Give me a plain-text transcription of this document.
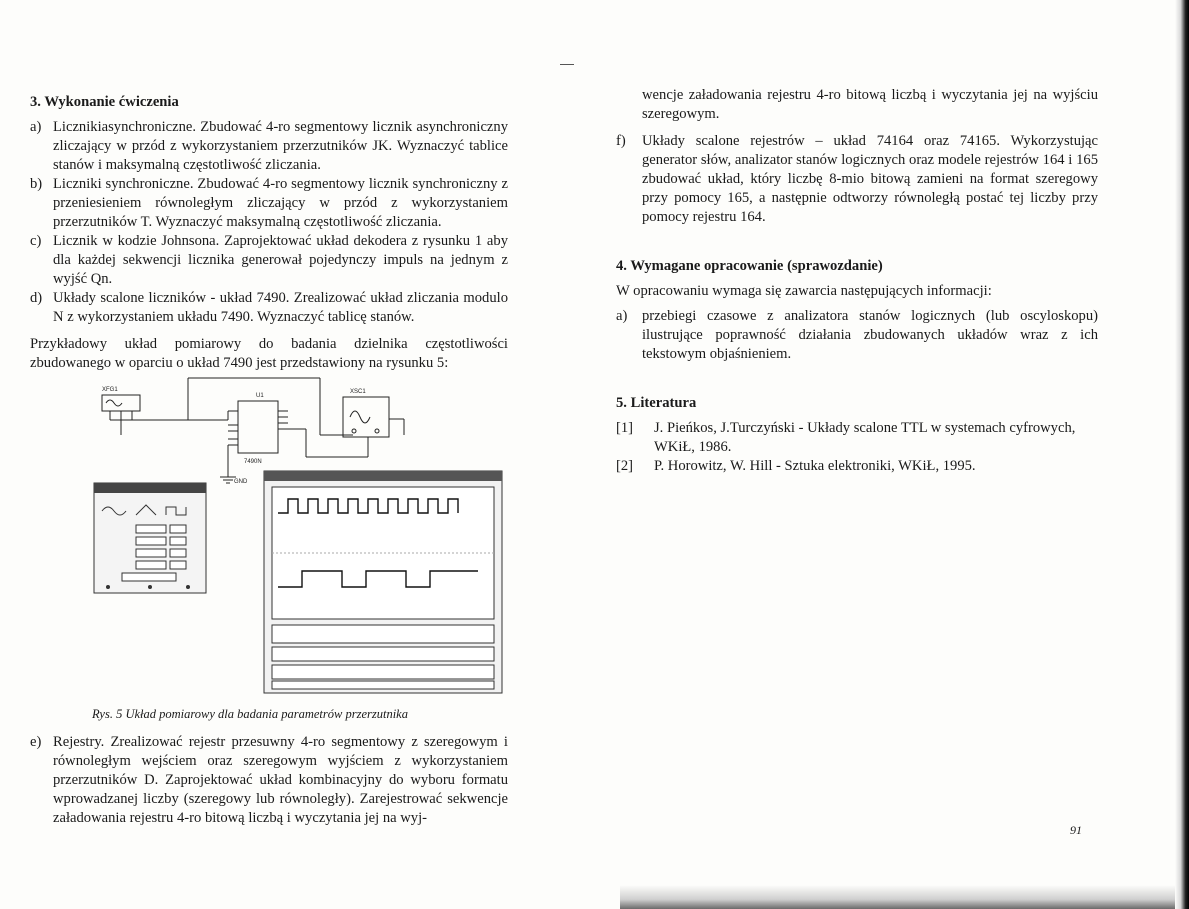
3. Wykonanie ćwiczenia
a) Licznikiasynchroniczne. Zbudować 4-ro segmentowy licznik asynchroniczny zliczający w przód z wykorzystaniem przerzutników JK. Wyznaczyć tablice stanów i maksymalną częstotliwość zliczania.
b) Liczniki synchroniczne. Zbudować 4-ro segmentowy licznik synchroniczny z przeniesieniem równoległym zliczający w przód z wykorzystaniem przerzutników T. Wyznaczyć maksymalną częstotliwość zliczania.
c) Licznik w kodzie Johnsona. Zaprojektować układ dekodera z rysunku 1 aby dla każdej sekwencji licznika generował pojedynczy impuls na jednym z wyjść Qn.
d) Układy scalone liczników - układ 7490. Zrealizować układ zliczania modulo N z wykorzystaniem układu 7490. Wyznaczyć tablicę stanów.

Przykładowy układ pomiarowy do badania dzielnika częstotliwości zbudowanego w oparciu o układ 7490 jest przedstawiony na rysunku 5:

XFG1	XSC1
U1
7490N
GND
Rys. 5 Układ pomiarowy dla badania parametrów przerzutnika
e) Rejestry. Zrealizować rejestr przesuwny 4-ro segmentowy z szeregowym i równoległym wejściem oraz szeregowym wyjściem z wykorzystaniem przerzutników D. Zaprojektować układ kombinacyjny do wyboru formatu wprowadzanej liczby (szeregowy lub równoległy). Zarejestrować sekwencje załadowania rejestru 4-ro bitową liczbą i wyczytania jej na wyj-
wencje załadowania rejestru 4-ro bitową liczbą i wyczytania jej na wyjściu szeregowym.
f) Układy scalone rejestrów – układ 74164 oraz 74165. Wykorzystując generator słów, analizator stanów logicznych oraz modele rejestrów 164 i 165 zbudować układ, który liczbę 8-mio bitową zamieni na format szeregowy przy pomocy 165, a następnie odtworzy równoległą postać tej liczby przy pomocy rejestru 164.
4. Wymagane opracowanie (sprawozdanie)
W opracowaniu wymaga się zawarcia następujących informacji:
a) przebiegi czasowe z analizatora stanów logicznych (lub oscyloskopu) ilustrujące poprawność działania zbudowanych układów wraz z ich tekstowym objaśnieniem.
5. Literatura
[1] J. Pieńkos, J.Turczyński - Układy scalone TTL w systemach cyfrowych, WKiŁ, 1986.
[2] P. Horowitz, W. Hill - Sztuka elektroniki, WKiŁ, 1995.
91
